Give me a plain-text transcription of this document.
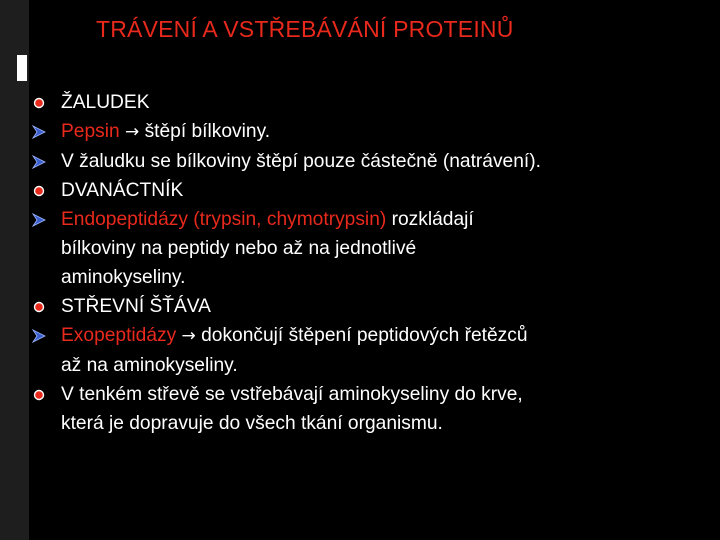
TRÁVENÍ A VSTŘEBÁVÁNÍ PROTEINŮ
ŽALUDEK
Pepsin → štěpí bílkoviny.
V žaludku se bílkoviny štěpí pouze částečně (natrávení).
DVANÁCTNÍK
Endopeptidázy (trypsin, chymotrypsin) rozkládají
bílkoviny na peptidy nebo až na jednotlivé
aminokyseliny.
STŘEVNÍ ŠŤÁVA
Exopeptidázy → dokončují štěpení peptidových řetězců
až na aminokyseliny.
V tenkém střevě se vstřebávají aminokyseliny do krve,
která je dopravuje do všech tkání organismu.
